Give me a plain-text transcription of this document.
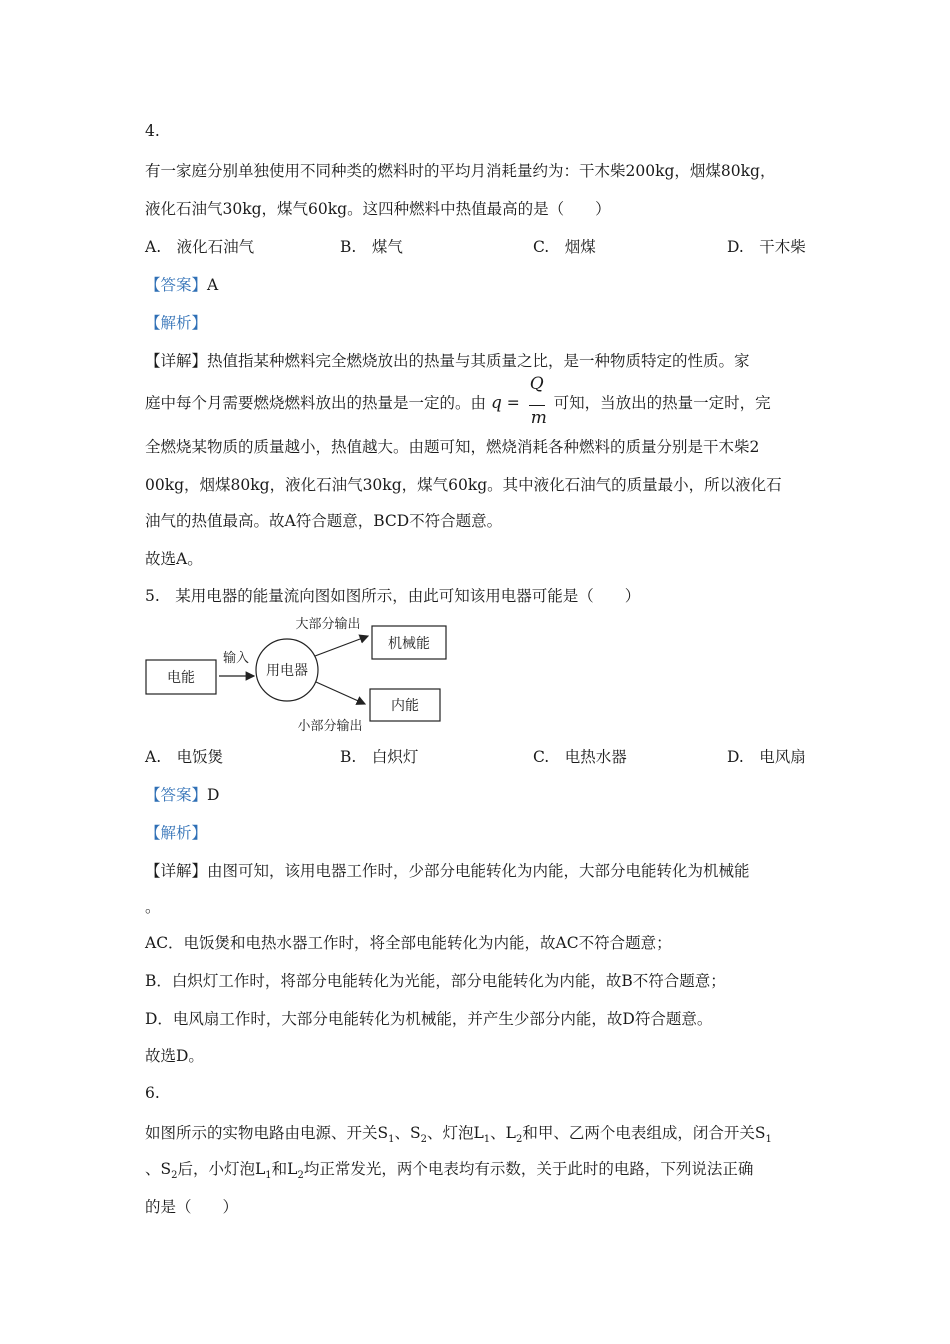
4.
有一家庭分别单独使用不同种类的燃料时的平均月消耗量约为：干木柴200kg，烟煤80kg，
液化石油气30kg，煤气60kg。这四种燃料中热值最高的是（　　）
A.　液化石油气	B.　煤气	C.　烟煤	D.　干木柴
【答案】A
【解析】
【详解】热值指某种燃料完全燃烧放出的热量与其质量之比，是一种物质特定的性质。家
庭中每个月需要燃烧燃料放出的热量是一定的。由 $q = \frac{Q}{m}$ 可知，当放出的热量一定时，完
全燃烧某物质的质量越小，热值越大。由题可知，燃烧消耗各种燃料的质量分别是干木柴2
00kg，烟煤80kg，液化石油气30kg，煤气60kg。其中液化石油气的质量最小，所以液化石
油气的热值最高。故A符合题意，BCD不符合题意。
故选A。
5.　某用电器的能量流向图如图所示，由此可知该用电器可能是（　　）
电能
输入
用电器
大部分输出
机械能
小部分输出
内能
A.　电饭煲	B.　白炽灯	C.　电热水器	D.　电风扇
【答案】D
【解析】
【详解】由图可知，该用电器工作时，少部分电能转化为内能，大部分电能转化为机械能
。
AC．电饭煲和电热水器工作时，将全部电能转化为内能，故AC不符合题意；
B．白炽灯工作时，将部分电能转化为光能，部分电能转化为内能，故B不符合题意；
D．电风扇工作时，大部分电能转化为机械能，并产生少部分内能，故D符合题意。
故选D。
6.
如图所示的实物电路由电源、开关$S_1$、$S_2$、灯泡$L_1$、$L_2$和甲、乙两个电表组成，闭合开关$S_1$
、$S_2$后，小灯泡$L_1$和$L_2$均正常发光，两个电表均有示数，关于此时的电路，下列说法正确
的是（　　）
